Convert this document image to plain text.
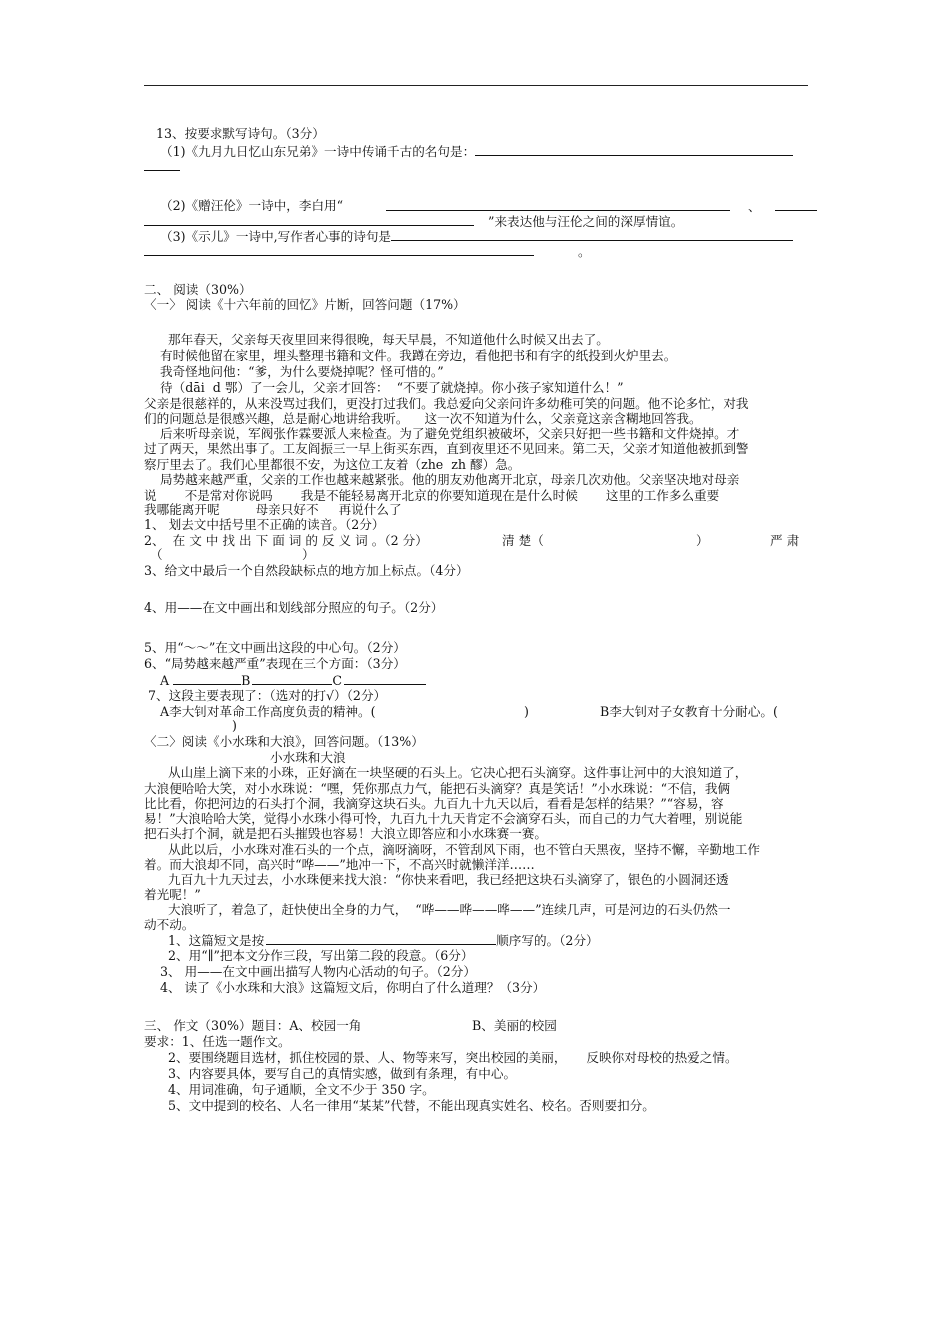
13、按要求默写诗句。（3分）
（1)《九月九日忆山东兄弟》一诗中传诵千古的名句是：
（2)《赠汪伦》一诗中，李白用“	、
”来表达他与汪伦之间的深厚情谊。
（3)《示儿》一诗中,写作者心事的诗句是
。
二、 阅读（30%）
〈一〉 阅读《十六年前的回忆》片断，回答问题（17%）
那年春天，父亲每天夜里回来得很晚，每天早晨，不知道他什么时候又出去了。
有时候他留在家里，埋头整理书籍和文件。我蹲在旁边，看他把书和有字的纸投到火炉里去。
我奇怪地问他：“爹，为什么要烧掉呢？怪可惜的。”
待（dāi  d 鄂）了一会儿，父亲才回答：  “不要了就烧掉。你小孩子家知道什么！”
父亲是很慈祥的，从来没骂过我们，更没打过我们。我总爱向父亲问许多幼稚可笑的问题。他不论多忙，对我
们的问题总是很感兴趣，总是耐心地讲给我听。    这一次不知道为什么，父亲竟这亲含糊地回答我。
后来听母亲说，军阀张作霖要派人来检查。为了避免党组织被破坏，父亲只好把一些书籍和文件烧掉。才
过了两天，果然出事了。工友阎振三一早上街买东西，直到夜里还不见回来。第二天，父亲才知道他被抓到警
察厅里去了。我们心里都很不安，为这位工友着（zhe  zh 醪）急。
局势越来越严重，父亲的工作也越来越紧张。他的朋友劝他离开北京，母亲几次劝他。父亲坚决地对母亲
说       不是常对你说吗       我是不能轻易离开北京的你要知道现在是什么时候       这里的工作多么重要
我哪能离开呢         母亲只好不     再说什么了
1、 划去文中括号里不正确的读音。（2分）
2、  在 文 中 找 出 下 面 词 的 反 义 词 。（2 分）	清 楚（	）	严 肃
（	）
3、给文中最后一个自然段缺标点的地方加上标点。（4分）
4、用——在文中画出和划线部分照应的句子。（2分）
5、用“～～”在文中画出这段的中心句。（2分）
6、“局势越来越严重”表现在三个方面：（3分）
A	B	C
7、这段主要表现了：（选对的打√）（2分）
A李大钊对革命工作高度负责的精神。(	)	B李大钊对子女教育十分耐心。(
)
〈二〉阅读《小水珠和大浪》，回答问题。（13%）
小水珠和大浪
从山崖上滴下来的小珠，正好滴在一块坚硬的石头上。它决心把石头滴穿。这件事让河中的大浪知道了，
大浪便哈哈大笑，对小水珠说：“嘿，凭你那点力气，能把石头滴穿？真是笑话！”小水珠说：“不信，我俩
比比看，你把河边的石头打个洞，我滴穿这块石头。九百九十九天以后，看看是怎样的结果？”“容易，容
易！”大浪哈哈大笑，觉得小水珠小得可怜，九百九十九天肯定不会滴穿石头，而自己的力气大着哩，别说能
把石头打个洞，就是把石头摧毁也容易！大浪立即答应和小水珠赛一赛。
从此以后，小水珠对准石头的一个点，滴呀滴呀，不管刮风下雨，也不管白天黑夜，坚持不懈，辛勤地工作
着。而大浪却不同，高兴时“哗——”地冲一下，不高兴时就懒洋洋……
九百九十九天过去，小水珠便来找大浪：“你快来看吧，我已经把这块石头滴穿了，银色的小圆洞还透
着光呢！”
大浪听了，着急了，赶快使出全身的力气，  “哗——哗——哗——”连续几声，可是河边的石头仍然一
动不动。
1、这篇短文是按	顺序写的。（2分）
2、用“∥”把本文分作三段，写出第二段的段意。（6分）
3、 用——在文中画出描写人物内心活动的句子。（2分）
4、 读了《小水珠和大浪》这篇短文后，你明白了什么道理？（3分）
三、 作文（30%）题目：A、校园一角	B、美丽的校园
要求：1、任选一题作文。
2、要围绕题目选材，抓住校园的景、人、物等来写，突出校园的美丽，     反映你对母校的热爱之情。
3、内容要具体，要写自己的真情实感，做到有条理，有中心。
4、用词准确，句子通顺，全文不少于 350 字。
5、文中提到的校名、人名一律用“某某”代替，不能出现真实姓名、校名。否则要扣分。
